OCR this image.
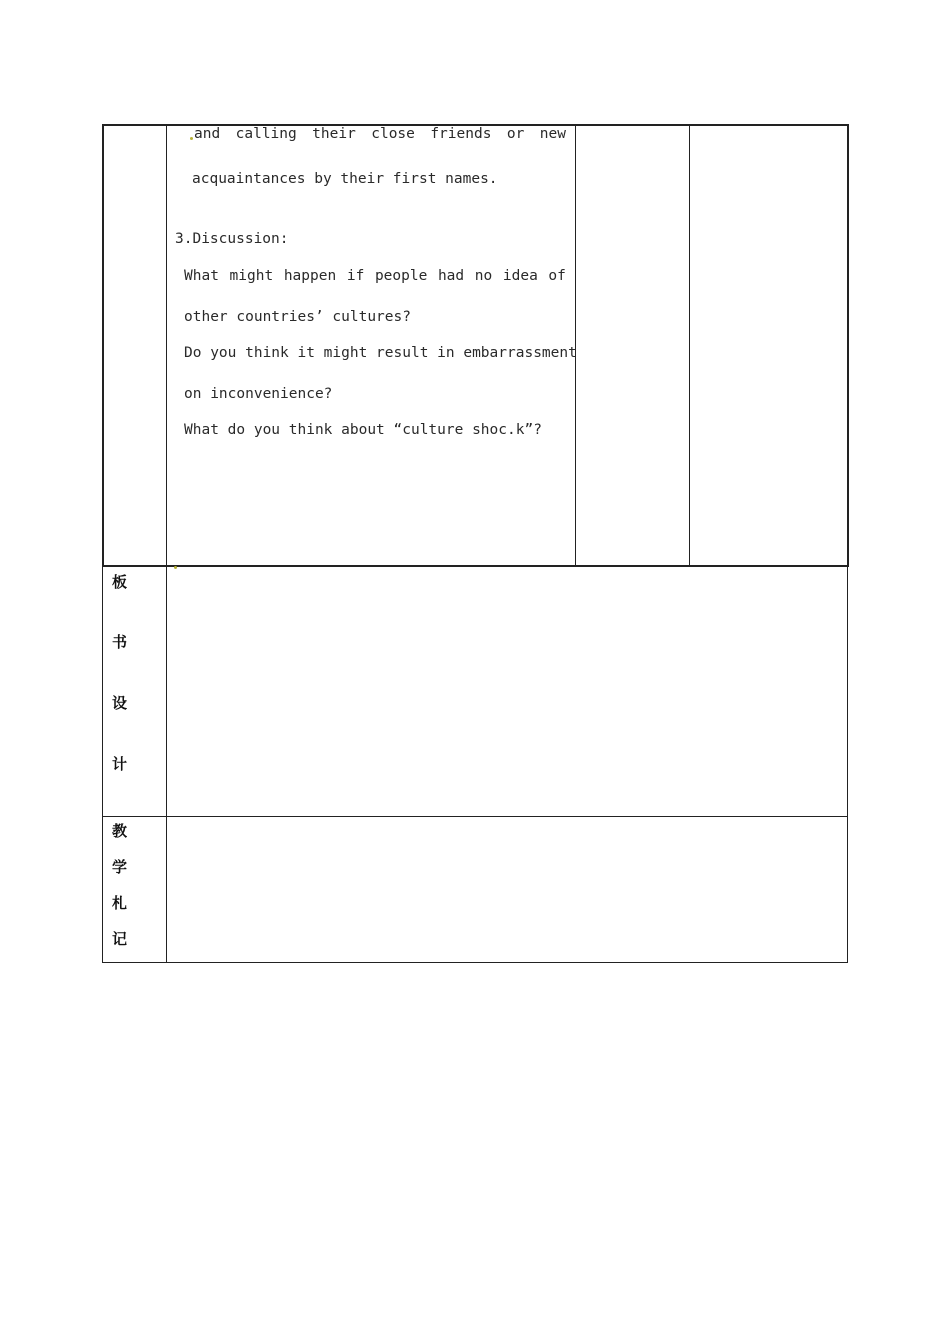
and calling their close friends or new
acquaintances by their first names.
3.Discussion:
What might happen if people had no idea of
other countries’ cultures?
Do you think it might result in embarrassment
on inconvenience?
What do you think about “culture shoc.k”?
板
书
设
计
教
学
札
记
